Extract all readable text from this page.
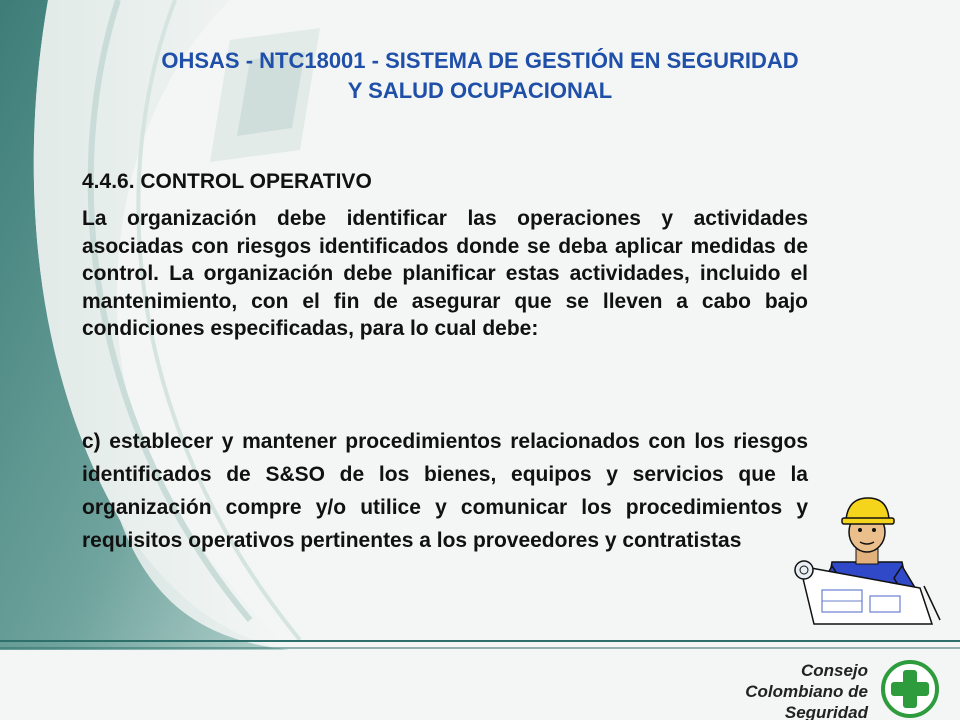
OHSAS - NTC18001 - SISTEMA DE GESTIÓN EN SEGURIDAD
Y SALUD OCUPACIONAL
4.4.6. CONTROL OPERATIVO
La organización debe identificar las operaciones y actividades asociadas con riesgos identificados donde se deba aplicar medidas de control. La organización debe planificar estas actividades, incluido el mantenimiento, con el fin de asegurar que se lleven a cabo bajo condiciones especificadas, para lo cual debe:
c) establecer y mantener procedimientos relacionados con los riesgos identificados de S&SO de los bienes, equipos y servicios que la organización compre y/o utilice y comunicar los procedimientos y requisitos operativos pertinentes a los proveedores y contratistas
Consejo
Colombiano de
Seguridad
